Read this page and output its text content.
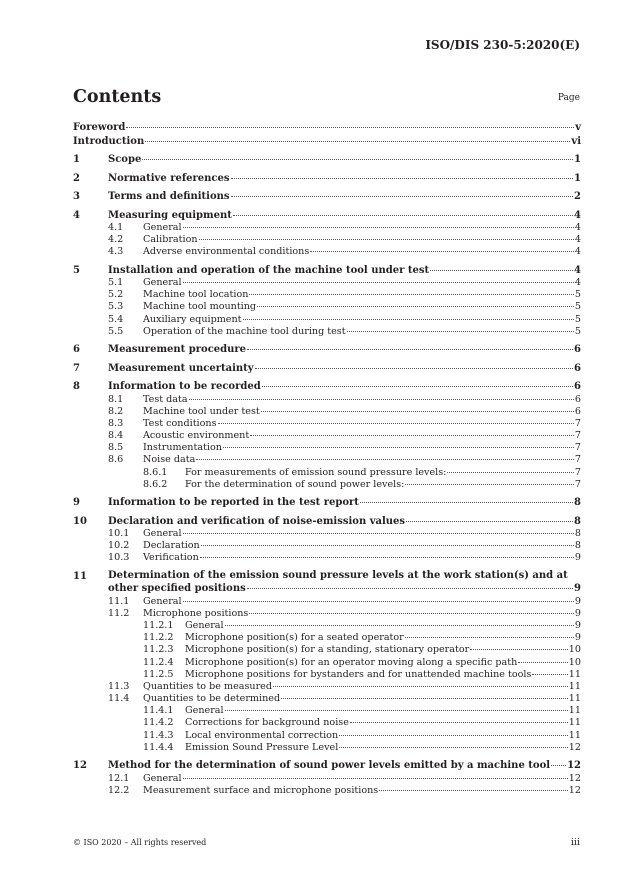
ISO/DIS 230-5:2020(E)
Contents	Page
Foreword	v
Introduction	vi
1	Scope	1
2	Normative references	1
3	Terms and definitions	2
4	Measuring equipment	4
4.1	General	4
4.2	Calibration	4
4.3	Adverse environmental conditions	4
5	Installation and operation of the machine tool under test	4
5.1	General	4
5.2	Machine tool location	5
5.3	Machine tool mounting	5
5.4	Auxiliary equipment	5
5.5	Operation of the machine tool during test	5
6	Measurement procedure	6
7	Measurement uncertainty	6
8	Information to be recorded	6
8.1	Test data	6
8.2	Machine tool under test	6
8.3	Test conditions	7
8.4	Acoustic environment	7
8.5	Instrumentation	7
8.6	Noise data	7
8.6.1	For measurements of emission sound pressure levels:	7
8.6.2	For the determination of sound power levels:	7
9	Information to be reported in the test report	8
10	Declaration and verification of noise-emission values	8
10.1	General	8
10.2	Declaration	8
10.3	Verification	9
11	Determination of the emission sound pressure levels at the work station(s) and at
other specified positions	9
11.1	General	9
11.2	Microphone positions	9
11.2.1	General	9
11.2.2	Microphone position(s) for a seated operator	9
11.2.3	Microphone position(s) for a standing, stationary operator	10
11.2.4	Microphone position(s) for an operator moving along a specific path	10
11.2.5	Microphone positions for bystanders and for unattended machine tools	11
11.3	Quantities to be measured	11
11.4	Quantities to be determined	11
11.4.1	General	11
11.4.2	Corrections for background noise	11
11.4.3	Local environmental correction	11
11.4.4	Emission Sound Pressure Level	12
12	Method for the determination of sound power levels emitted by a machine tool 12
12.1	General	12
12.2	Measurement surface and microphone positions	12
© ISO 2020 – All rights reserved	iii
